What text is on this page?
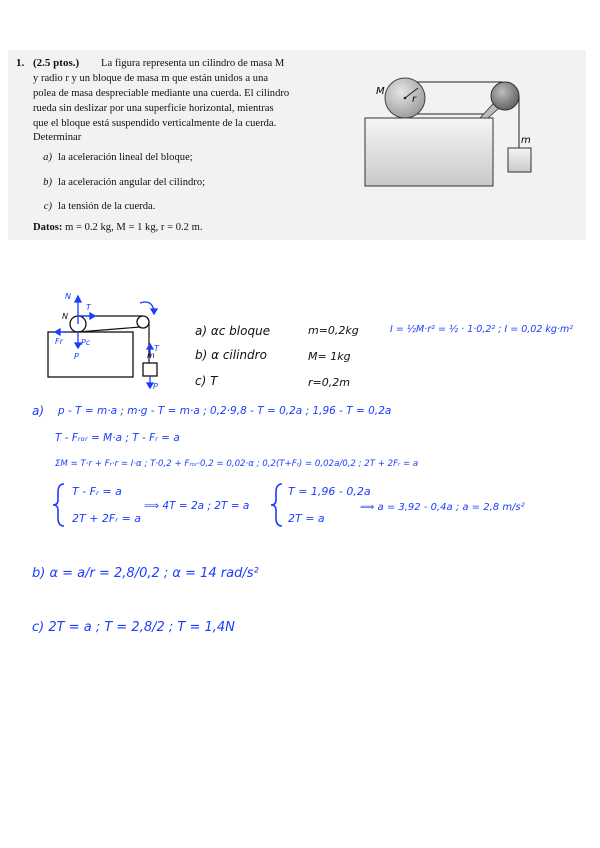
1. (2.5 ptos.) La figura representa un cilindro de masa M
y radio r y un bloque de masa m que están unidos a una
polea de masa despreciable mediante una cuerda. El cilindro
rueda sin deslizar por una superficie horizontal, mientras
que el bloque está suspendido verticalmente de la cuerda.
Determinar
a) la aceleración lineal del bloque;
b) la aceleración angular del cilindro;
c) la tensión de la cuerda.
Datos: m = 0.2 kg, M = 1 kg, r = 0.2 m.
M
r
m
N
T
N
Fr Pc
P	m
T
P
a) αc bloque
b) α cilindro
c) T
m=0,2kg
M= 1kg
r=0,2m
I = ½M·r² = ½ · 1·0,2² ; I = 0,02 kg·m²
a) p - T = m·a ; m·g - T = m·a ; 0,2·9,8 - T = 0,2a ; 1,96 - T = 0,2a
T - Fᵣₒᵣ = M·a ; T - Fᵣ = a
ΣM = T·r + Fᵣ·r = I·α ; T·0,2 + Fᵣₒᵣ·0,2 = 0,02·α ; 0,2(T+Fᵣ) = 0,02a/0,2 ; 2T + 2Fᵣ = a
T - Fᵣ = a
2T + 2Fᵣ = a
⟹ 4T = 2a ; 2T = a
T = 1,96 - 0,2a
2T = a
⟹ a = 3,92 - 0,4a ; a = 2,8 m/s²
b) α = a/r = 2,8/0,2 ; α = 14 rad/s²
c) 2T = a ; T = 2,8/2 ; T = 1,4N
